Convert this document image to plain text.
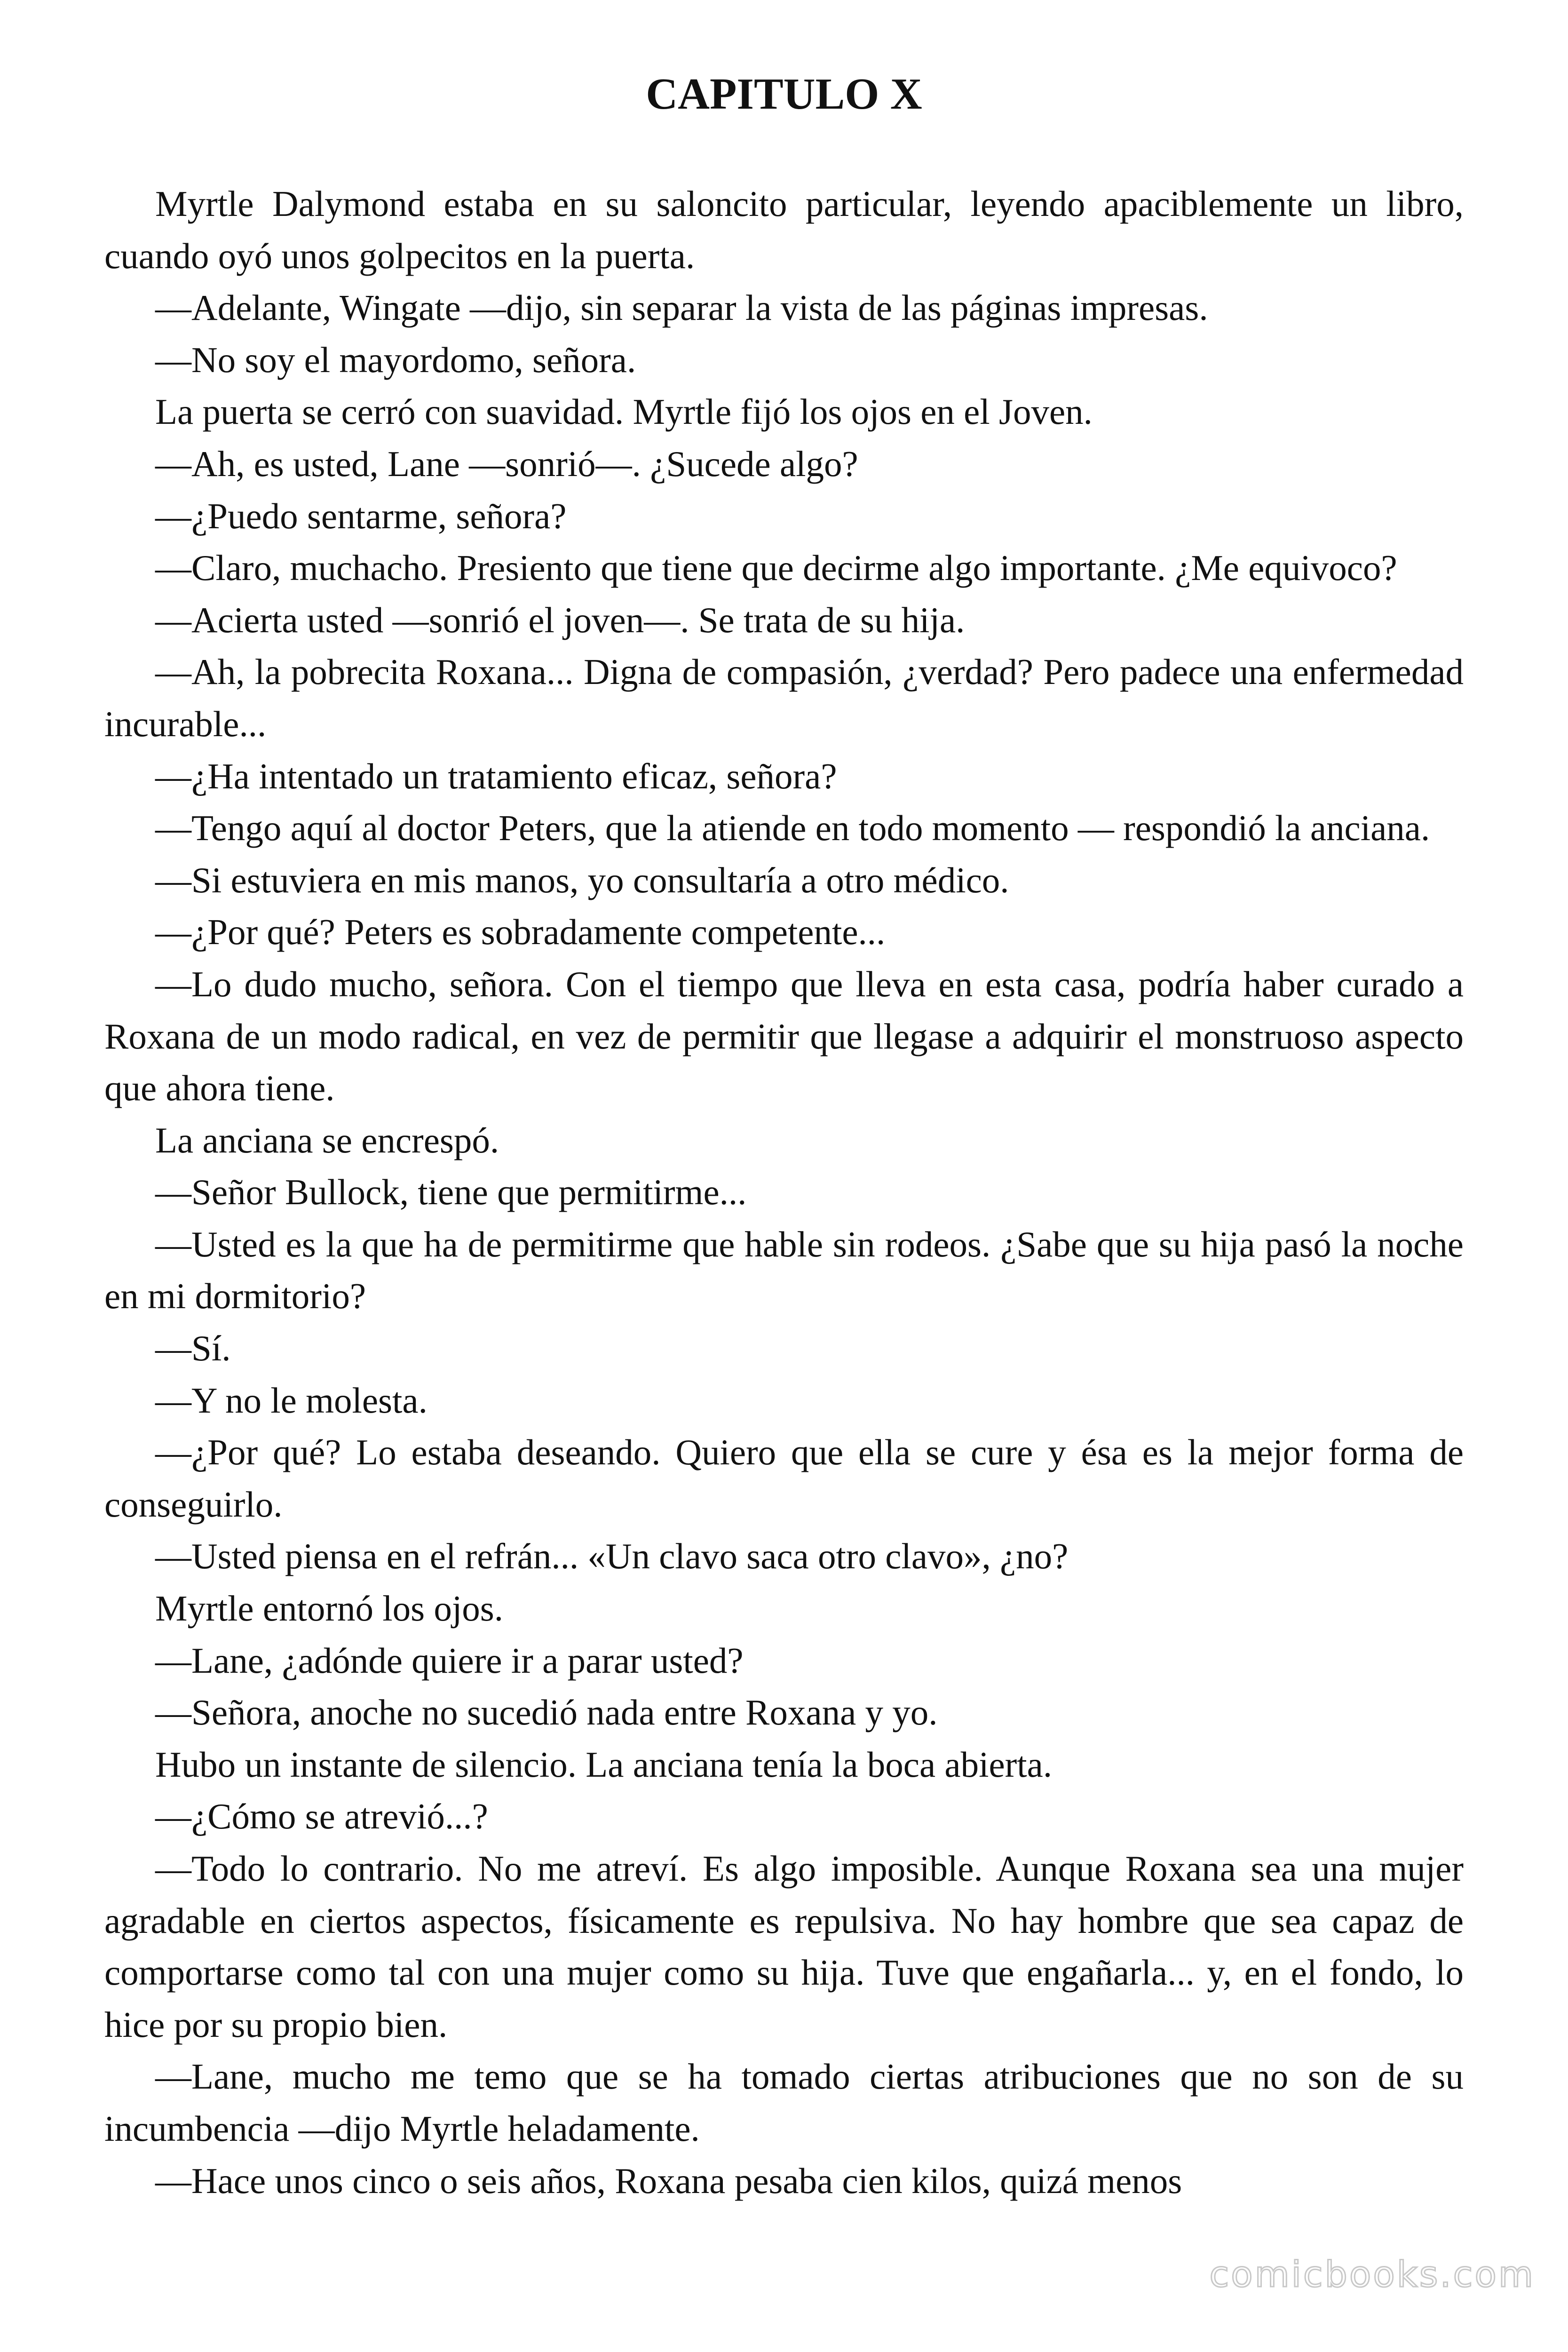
CAPITULO X

Myrtle Dalymond estaba en su saloncito particular, leyendo apaciblemente un libro, cuando oyó unos golpecitos en la puerta.

—Adelante, Wingate —dijo, sin separar la vista de las páginas impresas.

—No soy el mayordomo, señora.

La puerta se cerró con suavidad. Myrtle fijó los ojos en el Joven.

—Ah, es usted, Lane —sonrió—. ¿Sucede algo?

—¿Puedo sentarme, señora?

—Claro, muchacho. Presiento que tiene que decirme algo importante. ¿Me equivoco?

—Acierta usted —sonrió el joven—. Se trata de su hija.

—Ah, la pobrecita Roxana... Digna de compasión, ¿verdad? Pero padece una enfermedad incurable...

—¿Ha intentado un tratamiento eficaz, señora?

—Tengo aquí al doctor Peters, que la atiende en todo momento — respondió la anciana.

—Si estuviera en mis manos, yo consultaría a otro médico.

—¿Por qué? Peters es sobradamente competente...

—Lo dudo mucho, señora. Con el tiempo que lleva en esta casa, podría haber curado a Roxana de un modo radical, en vez de permitir que llegase a adquirir el monstruoso aspecto que ahora tiene.

La anciana se encrespó.

—Señor Bullock, tiene que permitirme...

—Usted es la que ha de permitirme que hable sin rodeos. ¿Sabe que su hija pasó la noche en mi dormitorio?

—Sí.

—Y no le molesta.

—¿Por qué? Lo estaba deseando. Quiero que ella se cure y ésa es la mejor forma de conseguirlo.

—Usted piensa en el refrán... «Un clavo saca otro clavo», ¿no?

Myrtle entornó los ojos.

—Lane, ¿adónde quiere ir a parar usted?

—Señora, anoche no sucedió nada entre Roxana y yo.

Hubo un instante de silencio. La anciana tenía la boca abierta.

—¿Cómo se atrevió...?

—Todo lo contrario. No me atreví. Es algo imposible. Aunque Roxana sea una mujer agradable en ciertos aspectos, físicamente es repulsiva. No hay hombre que sea capaz de comportarse como tal con una mujer como su hija. Tuve que engañarla... y, en el fondo, lo hice por su propio bien.

—Lane, mucho me temo que se ha tomado ciertas atribuciones que no son de su incumbencia —dijo Myrtle heladamente.

—Hace unos cinco o seis años, Roxana pesaba cien kilos, quizá menos

comicbooks.com
